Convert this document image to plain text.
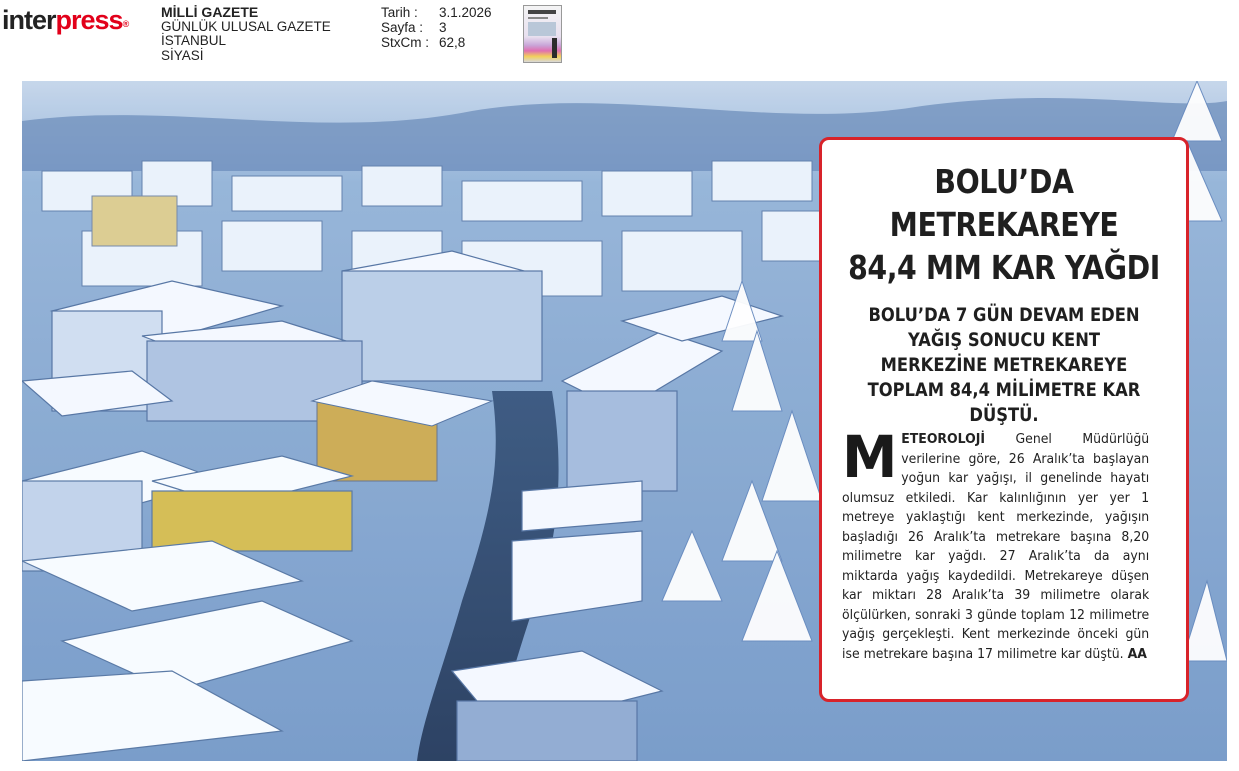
interpress®
MİLLİ GAZETE
GÜNLÜK ULUSAL GAZETE
İSTANBUL
SİYASİ
Tarih :	3.1.2026
Sayfa :	3
StxCm : 62,8
BOLU’DA
METREKAREYE
84,4 MM KAR YAĞDI
BOLU’DA 7 GÜN DEVAM EDEN YAĞIŞ SONUCU KENT MERKEZİNE METREKAREYE TOPLAM 84,4 MİLİMETRE KAR DÜŞTÜ.
METEOROLOJİ Genel Müdürlüğü verilerine göre, 26 Aralık’ta başlayan yoğun kar yağışı, il genelinde hayatı olumsuz etkiledi. Kar kalınlığının yer yer 1 metreye yaklaştığı kent merkezinde, yağışın başladığı 26 Aralık’ta metrekare başına 8,20 milimetre kar yağdı. 27 Aralık’ta da aynı miktarda yağış kaydedildi. Metrekareye düşen kar miktarı 28 Aralık’ta 39 milimetre olarak ölçülürken, sonraki 3 günde toplam 12 milimetre yağış gerçekleşti. Kent merkezinde önceki gün ise metrekare başına 17 milimetre kar düştü. AA
